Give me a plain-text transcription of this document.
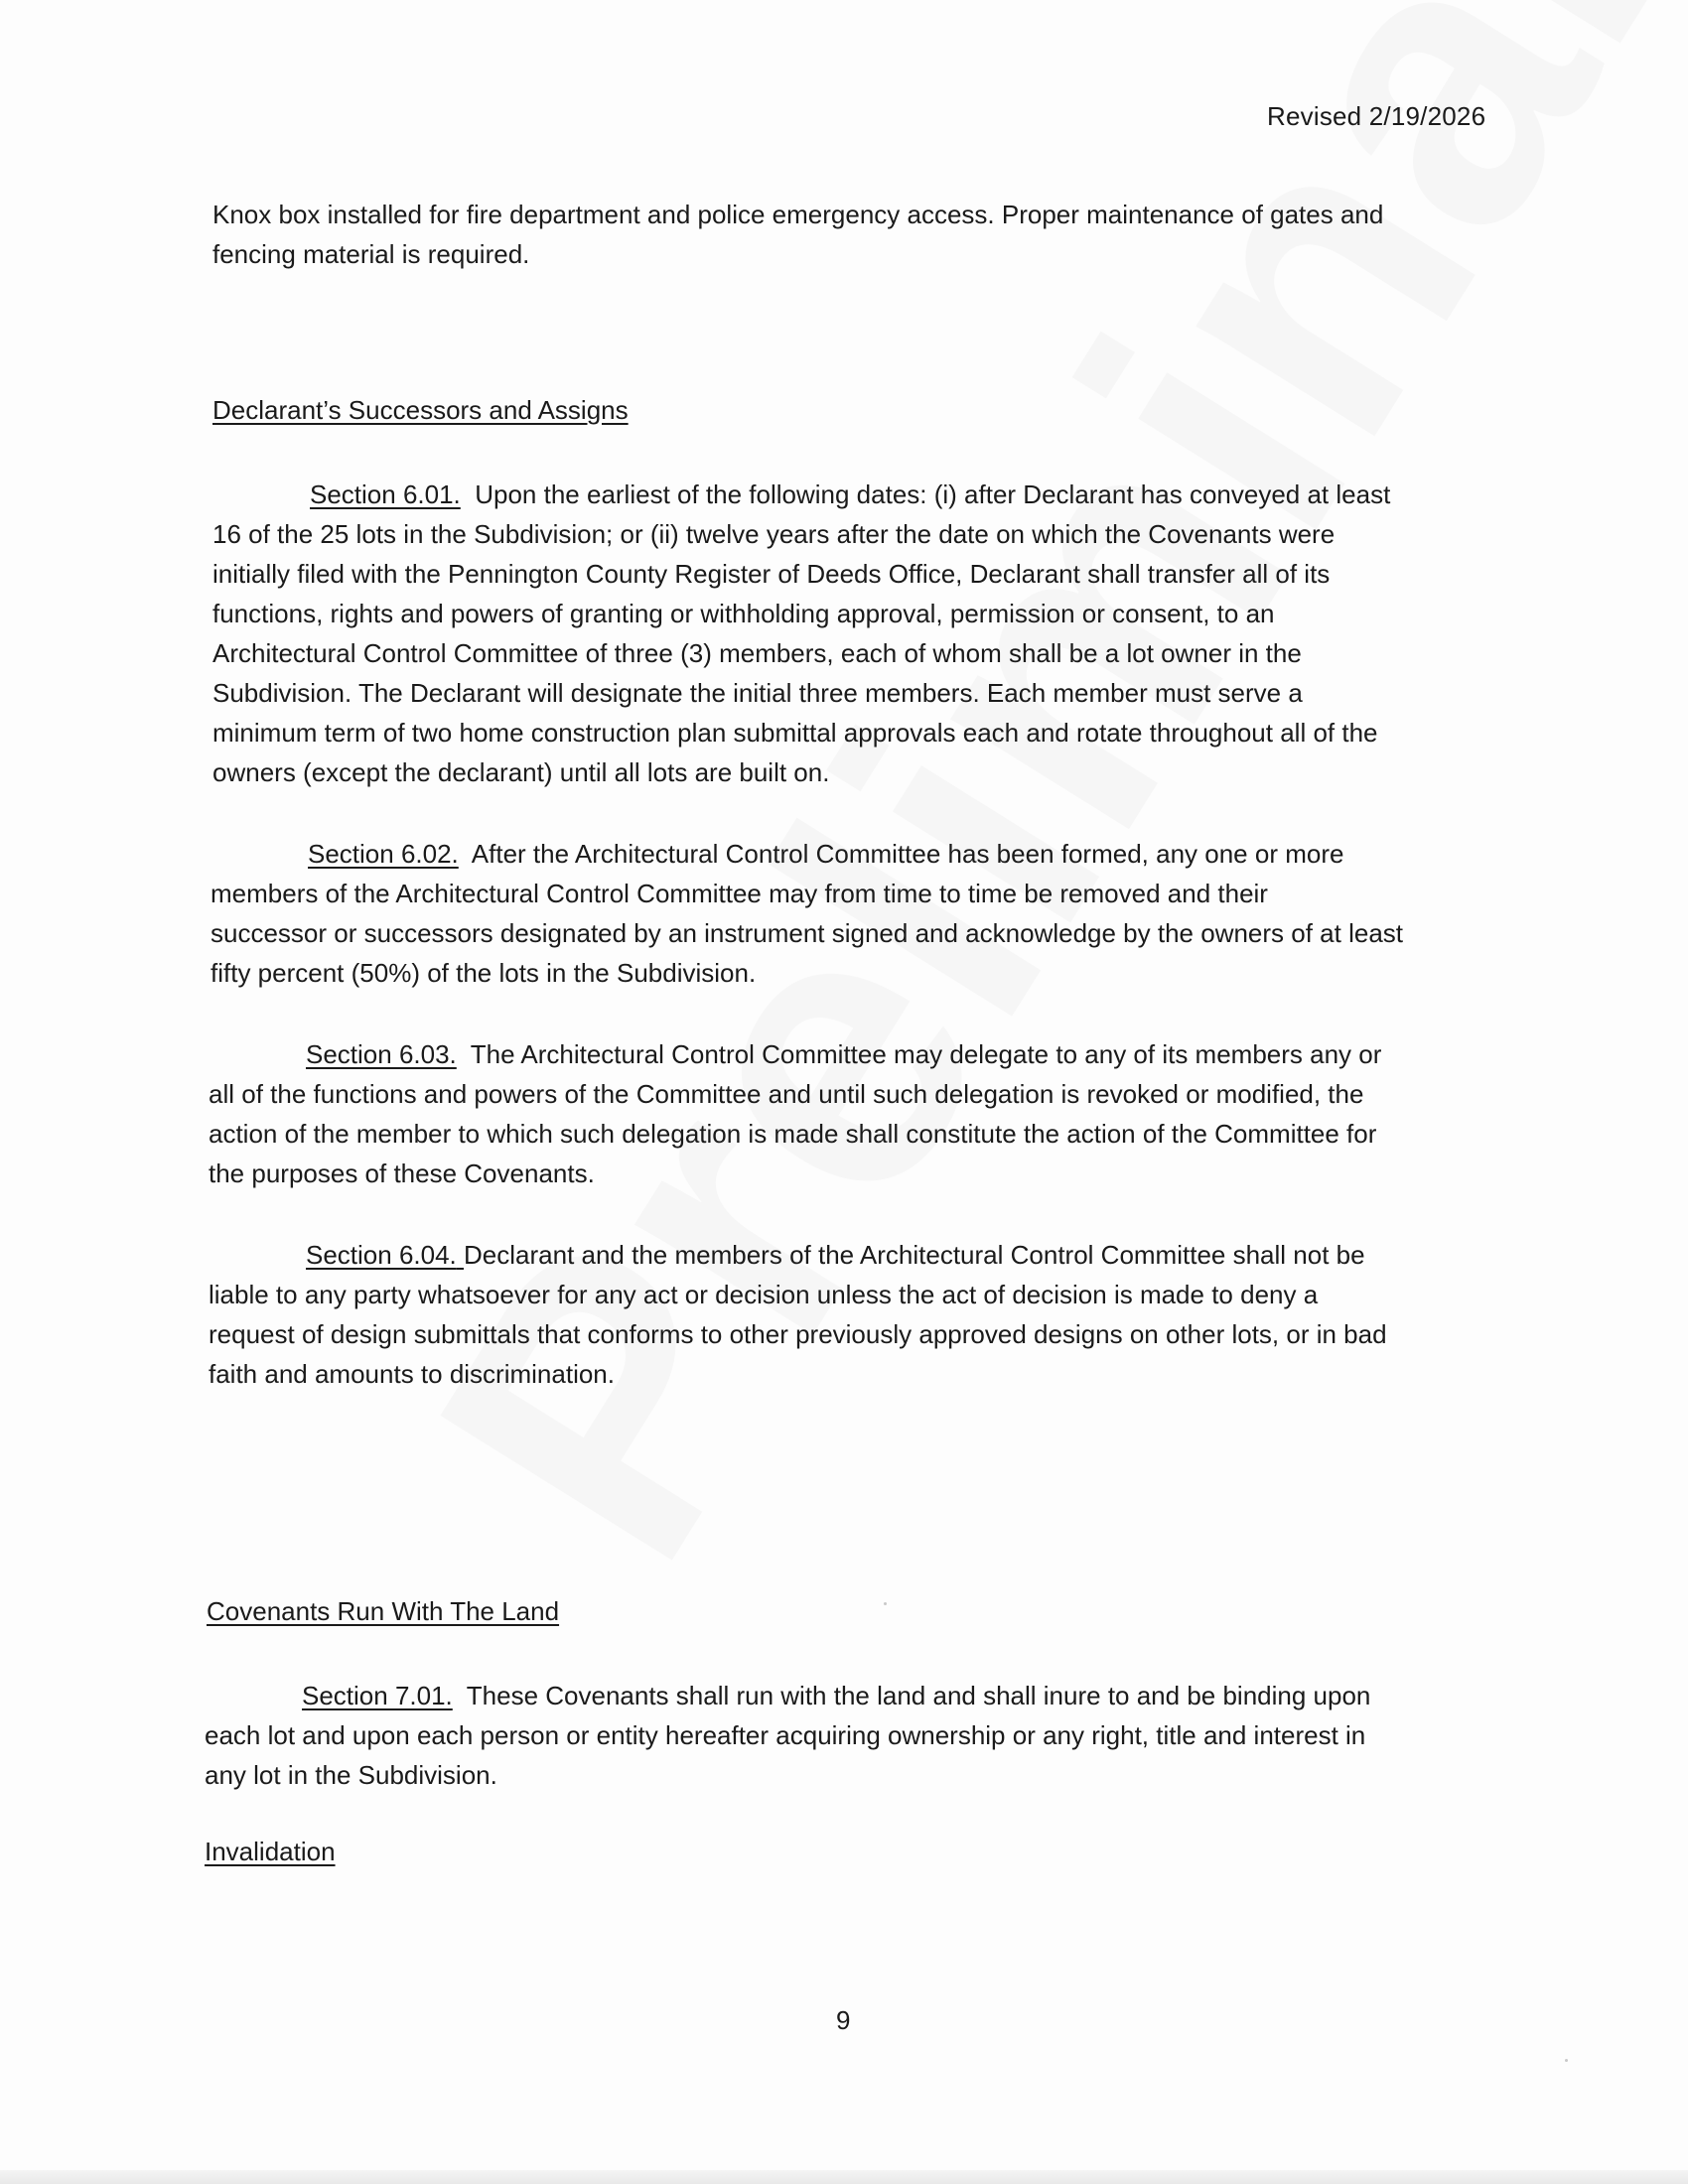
Revised 2/19/2026

Knox box installed for fire department and police emergency access. Proper maintenance of gates and
fencing material is required.

Declarant’s Successors and Assigns

Section 6.01. Upon the earliest of the following dates: (i) after Declarant has conveyed at least
16 of the 25 lots in the Subdivision; or (ii) twelve years after the date on which the Covenants were
initially filed with the Pennington County Register of Deeds Office, Declarant shall transfer all of its
functions, rights and powers of granting or withholding approval, permission or consent, to an
Architectural Control Committee of three (3) members, each of whom shall be a lot owner in the
Subdivision. The Declarant will designate the initial three members. Each member must serve a
minimum term of two home construction plan submittal approvals each and rotate throughout all of the
owners (except the declarant) until all lots are built on.

Section 6.02. After the Architectural Control Committee has been formed, any one or more
members of the Architectural Control Committee may from time to time be removed and their
successor or successors designated by an instrument signed and acknowledge by the owners of at least
fifty percent (50%) of the lots in the Subdivision.

Section 6.03. The Architectural Control Committee may delegate to any of its members any or
all of the functions and powers of the Committee and until such delegation is revoked or modified, the
action of the member to which such delegation is made shall constitute the action of the Committee for
the purposes of these Covenants.

Section 6.04. Declarant and the members of the Architectural Control Committee shall not be
liable to any party whatsoever for any act or decision unless the act of decision is made to deny a
request of design submittals that conforms to other previously approved designs on other lots, or in bad
faith and amounts to discrimination.

Covenants Run With The Land

Section 7.01. These Covenants shall run with the land and shall inure to and be binding upon
each lot and upon each person or entity hereafter acquiring ownership or any right, title and interest in
any lot in the Subdivision.

Invalidation
9
